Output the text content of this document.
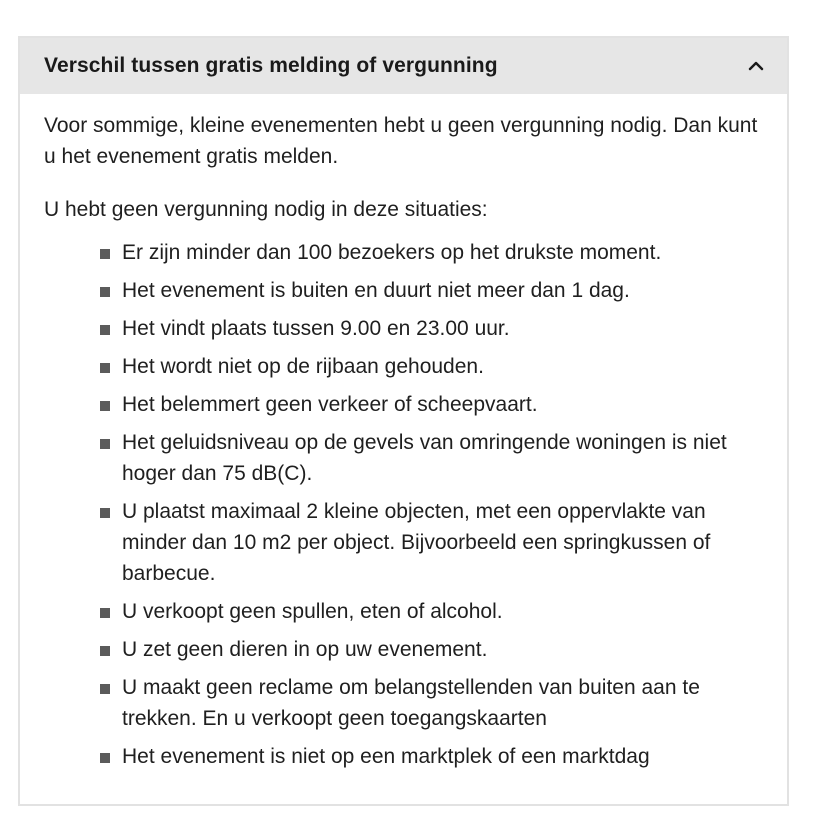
Verschil tussen gratis melding of vergunning

Voor sommige, kleine evenementen hebt u geen vergunning nodig. Dan kunt u het evenement gratis melden.

U hebt geen vergunning nodig in deze situaties:

Er zijn minder dan 100 bezoekers op het drukste moment.
Het evenement is buiten en duurt niet meer dan 1 dag.
Het vindt plaats tussen 9.00 en 23.00 uur.
Het wordt niet op de rijbaan gehouden.
Het belemmert geen verkeer of scheepvaart.
Het geluidsniveau op de gevels van omringende woningen is niet hoger dan 75 dB(C).
U plaatst maximaal 2 kleine objecten, met een oppervlakte van minder dan 10 m2 per object. Bijvoorbeeld een springkussen of barbecue.
U verkoopt geen spullen, eten of alcohol.
U zet geen dieren in op uw evenement.
U maakt geen reclame om belangstellenden van buiten aan te trekken. En u verkoopt geen toegangskaarten
Het evenement is niet op een marktplek of een marktdag
